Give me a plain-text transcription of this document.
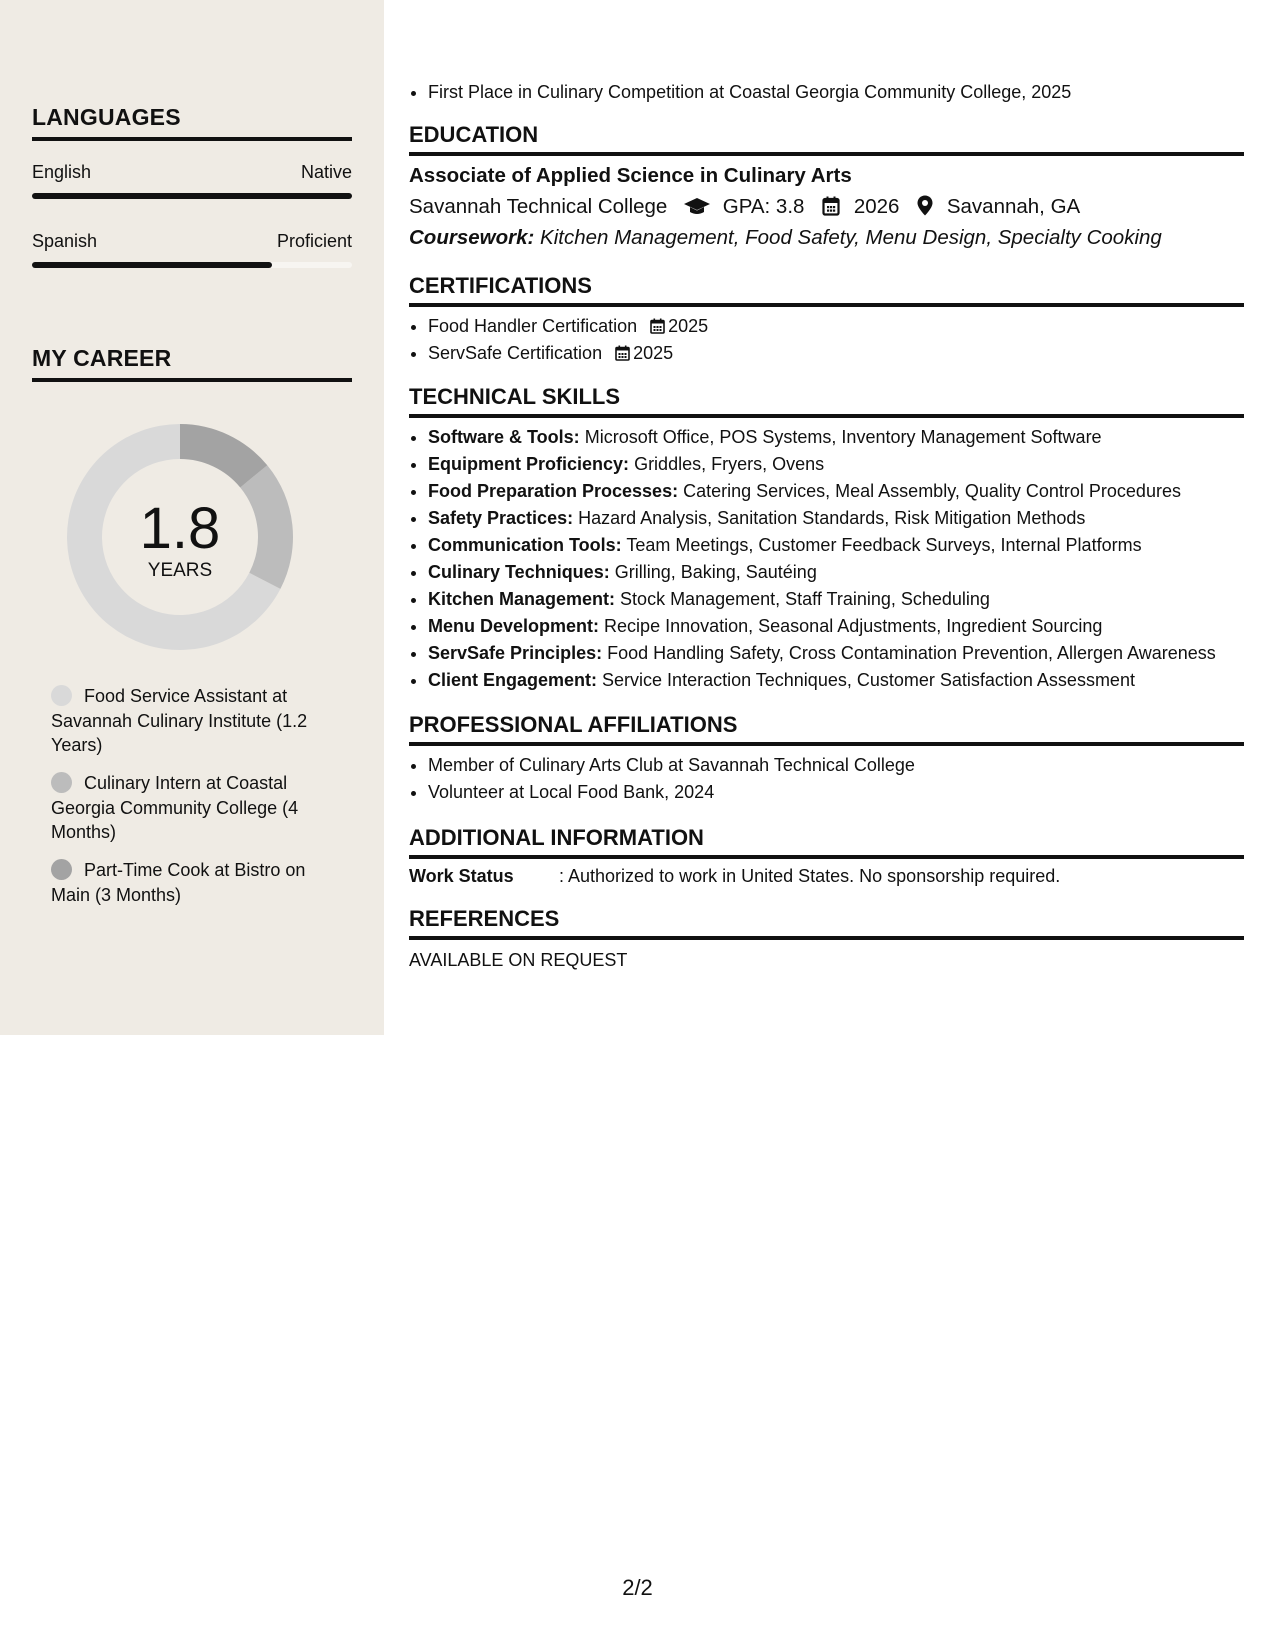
LANGUAGES
English	Native
Spanish	Proficient
MY CAREER
1.8
YEARS
Food Service Assistant at Savannah Culinary Institute (1.2 Years)
Culinary Intern at Coastal Georgia Community College (4 Months)
Part-Time Cook at Bistro on Main (3 Months)
• First Place in Culinary Competition at Coastal Georgia Community College, 2025
EDUCATION
Associate of Applied Science in Culinary Arts
Savannah Technical College	GPA: 3.8 2026 Savannah, GA
Coursework: Kitchen Management, Food Safety, Menu Design, Specialty Cooking
CERTIFICATIONS
• Food Handler Certification 2025
• ServSafe Certification 2025
TECHNICAL SKILLS
• Software & Tools: Microsoft Office, POS Systems, Inventory Management Software
• Equipment Proficiency: Griddles, Fryers, Ovens
• Food Preparation Processes: Catering Services, Meal Assembly, Quality Control Procedures
• Safety Practices: Hazard Analysis, Sanitation Standards, Risk Mitigation Methods
• Communication Tools: Team Meetings, Customer Feedback Surveys, Internal Platforms
• Culinary Techniques: Grilling, Baking, Sautéing
• Kitchen Management: Stock Management, Staff Training, Scheduling
• Menu Development: Recipe Innovation, Seasonal Adjustments, Ingredient Sourcing
• ServSafe Principles: Food Handling Safety, Cross Contamination Prevention, Allergen Awareness
• Client Engagement: Service Interaction Techniques, Customer Satisfaction Assessment
PROFESSIONAL AFFILIATIONS
• Member of Culinary Arts Club at Savannah Technical College
• Volunteer at Local Food Bank, 2024
ADDITIONAL INFORMATION
Work Status	: Authorized to work in United States. No sponsorship required.
REFERENCES
AVAILABLE ON REQUEST
2/2
